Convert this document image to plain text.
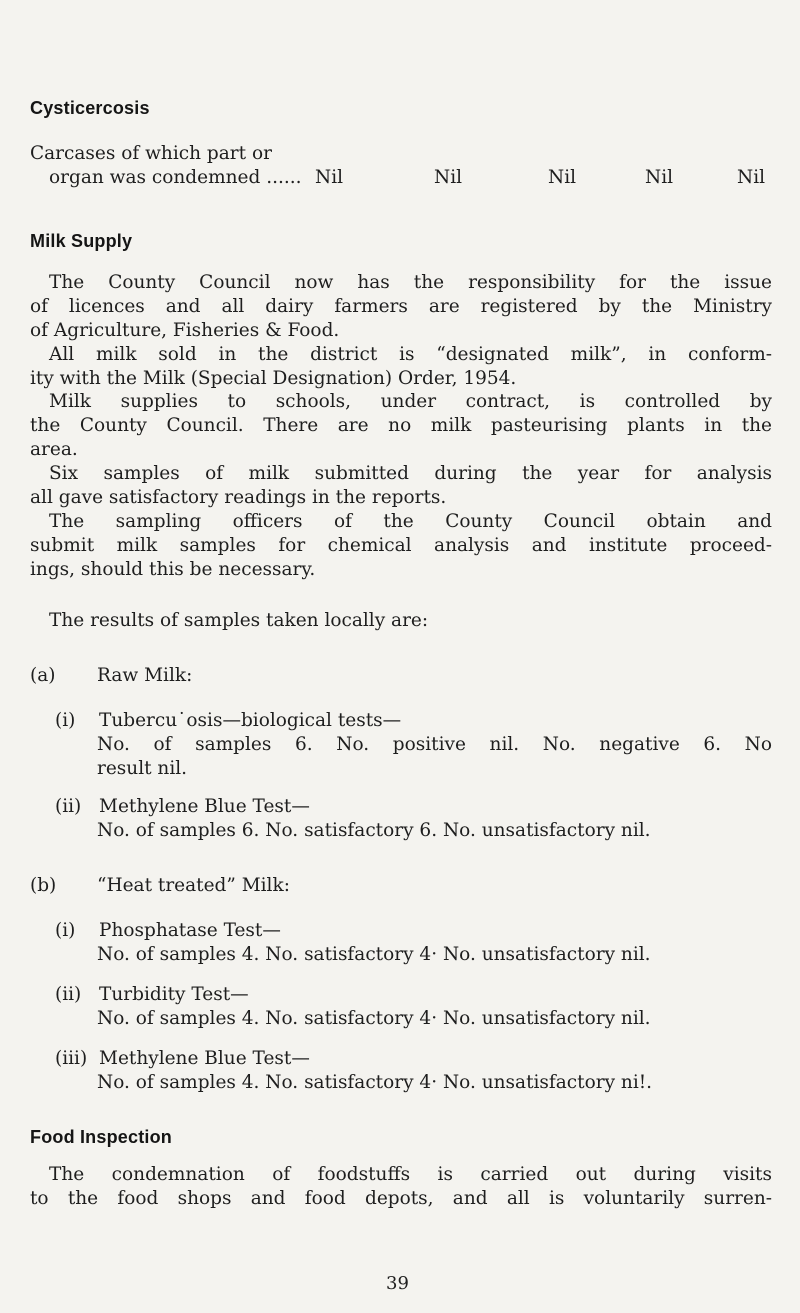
Cysticercosis
Carcases of which part or
organ was condemned ...... Nil	Nil	Nil	Nil	Nil
Milk Supply
The County Council now has the responsibility for the issue
of licences and all dairy farmers are registered by the Ministry
of Agriculture, Fisheries & Food.
All milk sold in the district is “designated milk”, in conform-
ity with the Milk (Special Designation) Order, 1954.
Milk supplies to schools, under contract, is controlled by
the County Council. There are no milk pasteurising plants in the
area.
Six samples of milk submitted during the year for analysis
all gave satisfactory readings in the reports.
The sampling officers of the County Council obtain and
submit milk samples for chemical analysis and institute proceed-
ings, should this be necessary.
The results of samples taken locally are:
(a) Raw Milk:
(i) Tubercu˙osis—biological tests—
No. of samples 6. No. positive nil. No. negative 6. No
result nil.
(ii) Methylene Blue Test—
No. of samples 6. No. satisfactory 6. No. unsatisfactory nil.
(b) “Heat treated” Milk:
(i) Phosphatase Test—
No. of samples 4. No. satisfactory 4· No. unsatisfactory nil.
(ii) Turbidity Test—
No. of samples 4. No. satisfactory 4· No. unsatisfactory nil.
(iii) Methylene Blue Test—
No. of samples 4. No. satisfactory 4· No. unsatisfactory ni!.
Food Inspection
The condemnation of foodstuffs is carried out during visits
to the food shops and food depots, and all is voluntarily surren-
39
